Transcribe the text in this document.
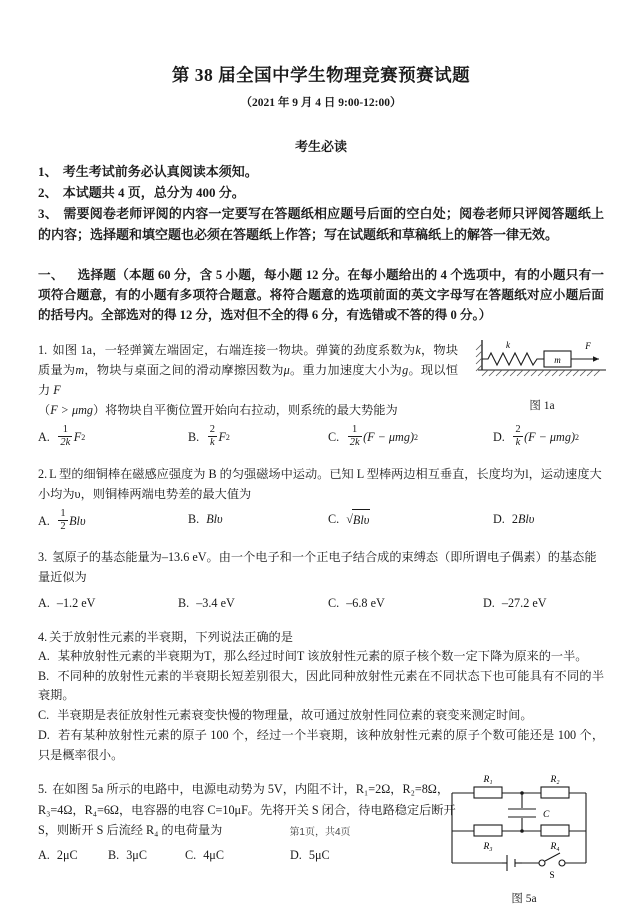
第 38 届全国中学生物理竞赛预赛试题
（2021 年 9 月 4 日 9:00-12:00）
考生必读

1、 考生考试前务必认真阅读本须知。

2、 本试题共 4 页，总分为 400 分。

3、 需要阅卷老师评阅的内容一定要写在答题纸相应题号后面的空白处；阅卷老师只评阅答题纸上的内容；选择题和填空题也必须在答题纸上作答；写在试题纸和草稿纸上的解答一律无效。

一、 选择题（本题 60 分，含 5 小题，每小题 12 分。在每小题给出的 4 个选项中，有的小题只有一项符合题意，有的小题有多项符合题意。将符合题意的选项前面的英文字母写在答题纸对应小题后面的括号内。全部选对的得 12 分，选对但不全的得 6 分，有选错或不答的得 0 分。）

k
m
F
图 1a

1. 如图 1a，一轻弹簧左端固定，右端连接一物块。弹簧的劲度系数为k，物块质量为m，物块与桌面之间的滑动摩擦因数为μ。重力加速度大小为g。现以恒力 F
（F > μmg）将物块自平衡位置开始向右拉动，则系统的最大势能为

A. $\frac{1}{2k}$ F 2	B. $\frac{2}{k}$ F 2	C. $\frac{1}{2k} (F - \mu mg)$ 2	D. $\frac{2}{k} (F - \mu mg)$ 2

2. L 型的细铜棒在磁感应强度为 B 的匀强磁场中运动。已知 L 型棒两边相互垂直，长度均为l，运动速度大小均为υ，则铜棒两端电势差的最大值为

A. $\frac{1}{2}$ Blυ	B. Blυ	C. √ Blυ	D. 2 Blυ

3. 氢原子的基态能量为–13.6 eV。由一个电子和一个正电子结合成的束缚态（即所谓电子偶素）的基态能量近似为

A. –1.2 eV	B. –3.4 eV	C. –6.8 eV	D. –27.2 eV

4. 关于放射性元素的半衰期，下列说法正确的是

A. 某种放射性元素的半衰期为T，那么经过时间T 该放射性元素的原子核个数一定下降为原来的一半。

B. 不同种的放射性元素的半衰期长短差别很大，因此同种放射性元素在不同状态下也可能具有不同的半衰期。

C. 半衰期是表征放射性元素衰变快慢的物理量，故可通过放射性同位素的衰变来测定时间。

D. 若有某种放射性元素的原子 100 个，经过一个半衰期，该种放射性元素的原子个数可能还是 100 个，只是概率很小。

R₁	R₂
R₃	R₄
C
S
图 5a

5. 在如图 5a 所示的电路中，电源电动势为 5V，内阻不计，R₁=2Ω，R₂=8Ω，
R₃=4Ω，R₄=6Ω，电容器的电容 C=10μF。先将开关 S 闭合，待电路稳定后断开
S，则断开 S 后流经 R₄ 的电荷量为

A. 2μC B. 3μC	C. 4μC	D. 5μC
第1页，共4页
